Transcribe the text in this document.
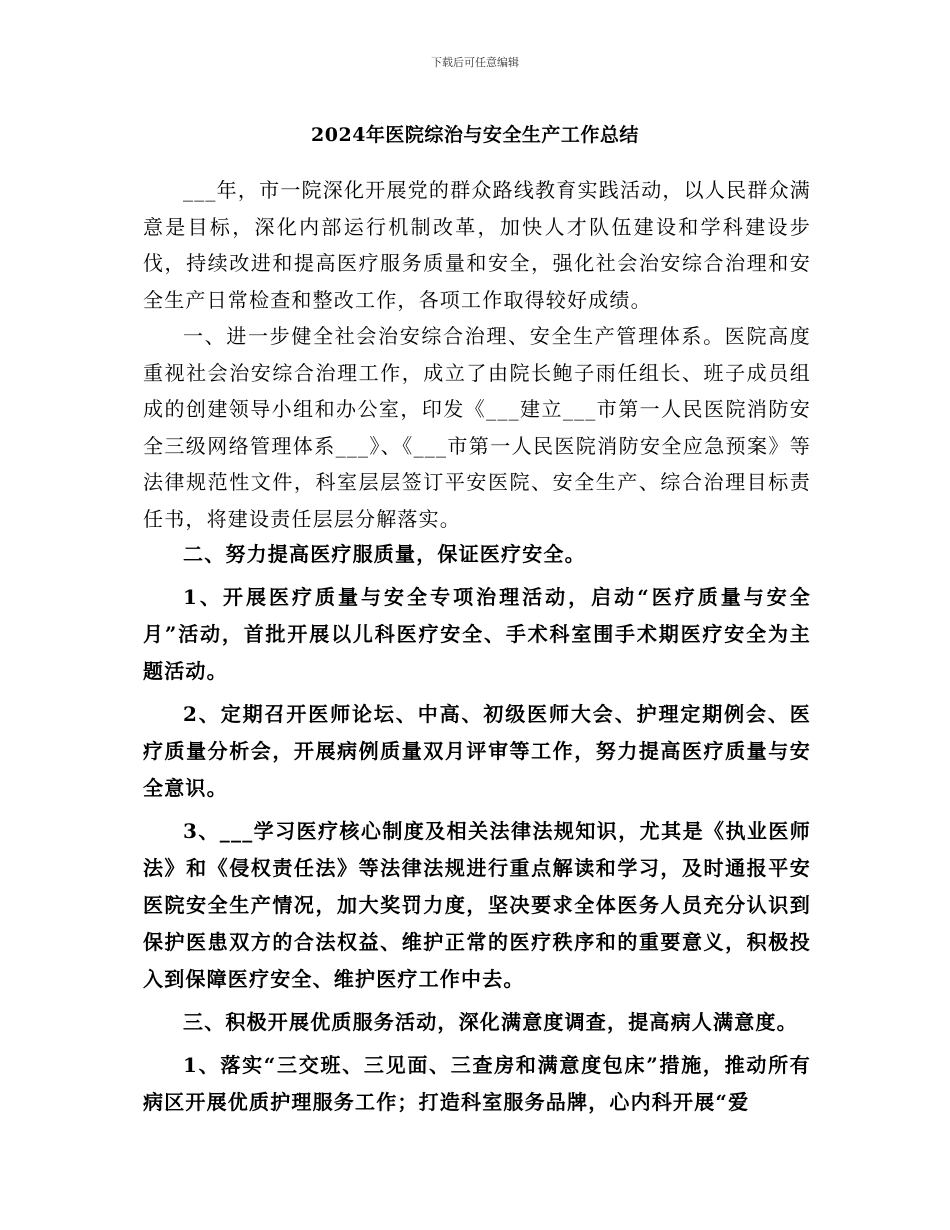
下载后可任意编辑
2024年医院综治与安全生产工作总结

___年，市一院深化开展党的群众路线教育实践活动，以人民群众满意是目标，深化内部运行机制改革，加快人才队伍建设和学科建设步伐，持续改进和提高医疗服务质量和安全，强化社会治安综合治理和安全生产日常检查和整改工作，各项工作取得较好成绩。

一、进一步健全社会治安综合治理、安全生产管理体系。医院高度重视社会治安综合治理工作，成立了由院长鲍子雨任组长、班子成员组成的创建领导小组和办公室，印发《___建立___市第一人民医院消防安全三级网络管理体系___》、《___市第一人民医院消防安全应急预案》等法律规范性文件，科室层层签订平安医院、安全生产、综合治理目标责任书，将建设责任层层分解落实。

二、努力提高医疗服质量，保证医疗安全。

1、开展医疗质量与安全专项治理活动，启动“医疗质量与安全月”活动，首批开展以儿科医疗安全、手术科室围手术期医疗安全为主题活动。

2、定期召开医师论坛、中高、初级医师大会、护理定期例会、医疗质量分析会，开展病例质量双月评审等工作，努力提高医疗质量与安全意识。

3、___学习医疗核心制度及相关法律法规知识，尤其是《执业医师法》和《侵权责任法》等法律法规进行重点解读和学习，及时通报平安医院安全生产情况，加大奖罚力度，坚决要求全体医务人员充分认识到保护医患双方的合法权益、维护正常的医疗秩序和的重要意义，积极投入到保障医疗安全、维护医疗工作中去。

三、积极开展优质服务活动，深化满意度调查，提高病人满意度。

1、落实“三交班、三见面、三查房和满意度包床”措施，推动所有病区开展优质护理服务工作；打造科室服务品牌，心内科开展“爱
